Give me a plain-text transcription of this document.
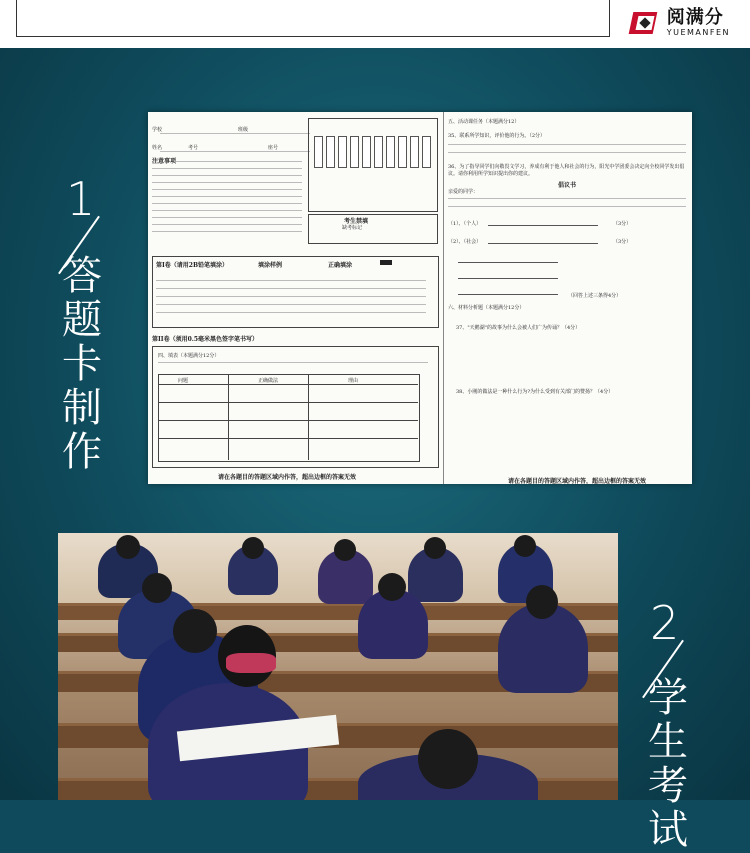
阅满分
YUEMANFEN
1
答题卡制作
2
学生考试
学校	班级
姓名	考号	座号
注意事项
考生禁填
缺考标记
第I卷（请用2B铅笔填涂）	填涂样例	正确填涂
第II卷（须用0.5毫米黑色签字笔书写）
四、填表（本题满分12分）
问题	正确做法	理由
请在各题目的答题区域内作答，超出边框的答案无效
五、活动课任务（本题满分12）
35、联系所学知识，评价他的行为。（2分）
36、为了指导同学们向敬畏文学习，养成有利于他人和社会的行为，阳光中学团委会决定向全校同学发出倡议。请你利用所学知识提出你的建议。
倡议书
亲爱的同学：
（1）、（个人）	（3分）
（2）、（社会）	（3分）
（回答上述三条得4分）
六、材料分析题（本题满分12分）
37、"天鹅湖"的故事为什么会被人们广为传诵？（4分）
38、小刚的做法是一种什么行为?为什么受到有关部门的赞扬？（4分）
请在各题目的答题区域内作答，超出边框的答案无效
